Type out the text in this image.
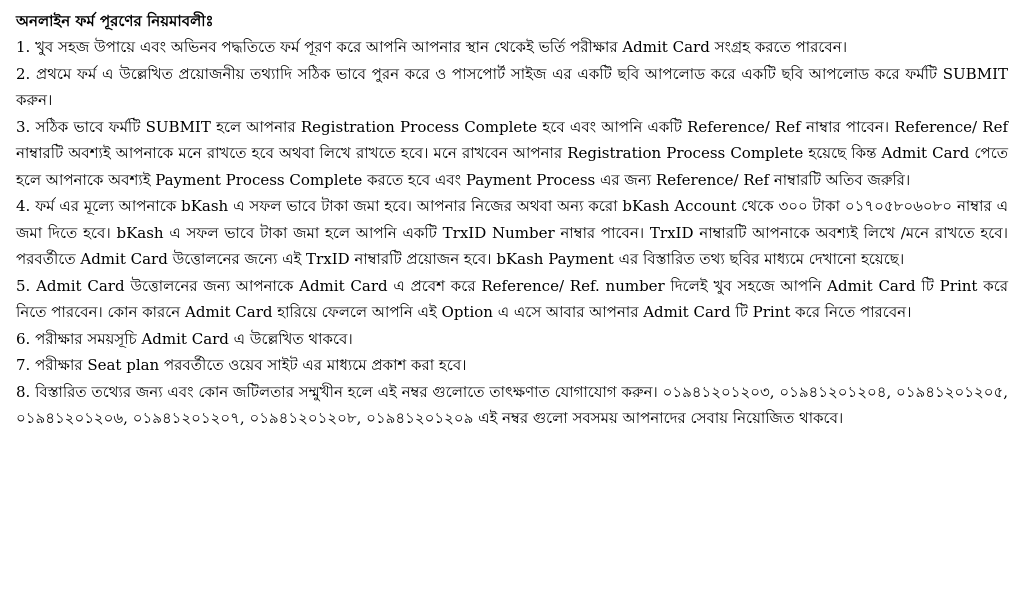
অনলাইন ফর্ম পূরণের নিয়মাবলীঃ

1. খুব সহজ উপায়ে এবং অভিনব পদ্ধতিতে ফর্ম পূরণ করে আপনি আপনার স্থান থেকেই ভর্তি পরীক্ষার Admit Card সংগ্রহ করতে পারবেন।

2. প্রথমে ফর্ম এ উল্লেখিত প্রয়োজনীয় তথ্যাদি সঠিক ভাবে পুরন করে ও পাসপোর্ট সাইজ এর একটি ছবি আপলোড করে একটি ছবি আপলোড করে ফর্মটি SUBMIT করুন।

3. সঠিক ভাবে ফর্মটি SUBMIT হলে আপনার Registration Process Complete হবে এবং আপনি একটি Reference/ Ref নাম্বার পাবেন। Reference/ Ref নাম্বারটি অবশ্যই আপনাকে মনে রাখতে হবে অথবা লিখে রাখতে হবে। মনে রাখবেন আপনার Registration Process Complete হয়েছে কিন্ত Admit Card পেতে হলে আপনাকে অবশ্যই Payment Process Complete করতে হবে এবং Payment Process এর জন্য Reference/ Ref নাম্বারটি অতিব জরুরি।

4. ফর্ম এর মূল্যে আপনাকে bKash এ সফল ভাবে টাকা জমা হবে। আপনার নিজের অথবা অন্য করো bKash Account থেকে ৩০০ টাকা ০১৭০৫৮০৬০৮০ নাম্বার এ জমা দিতে হবে। bKash এ সফল ভাবে টাকা জমা হলে আপনি একটি TrxID Number নাম্বার পাবেন। TrxID নাম্বারটি আপনাকে অবশ্যই লিখে /মনে রাখতে হবে। পরবর্তীতে Admit Card উত্তোলনের জন্যে এই TrxID নাম্বারটি প্রয়োজন হবে। bKash Payment এর বিস্তারিত তথ্য ছবির মাধ্যমে দেখানো হয়েছে।

5. Admit Card উত্তোলনের জন্য আপনাকে Admit Card এ প্রবেশ করে Reference/ Ref. number দিলেই খুব সহজে আপনি Admit Card টি Print করে নিতে পারবেন। কোন কারনে Admit Card হারিয়ে ফেললে আপনি এই Option এ এসে আবার আপনার Admit Card টি Print করে নিতে পারবেন।

6. পরীক্ষার সময়সূচি Admit Card এ উল্লেখিত থাকবে।

7. পরীক্ষার Seat plan পরবর্তীতে ওয়েব সাইট এর মাধ্যমে প্রকাশ করা হবে।

8. বিস্তারিত তথ্যের জন্য এবং কোন জটিলতার সম্মুখীন হলে এই নম্বর গুলোতে তাৎক্ষণাত যোগাযোগ করুন। ০১৯৪১২০১২০৩, ০১৯৪১২০১২০৪, ০১৯৪১২০১২০৫, ০১৯৪১২০১২০৬, ০১৯৪১২০১২০৭, ০১৯৪১২০১২০৮, ০১৯৪১২০১২০৯ এই নম্বর গুলো সবসময় আপনাদের সেবায় নিয়োজিত থাকবে।
